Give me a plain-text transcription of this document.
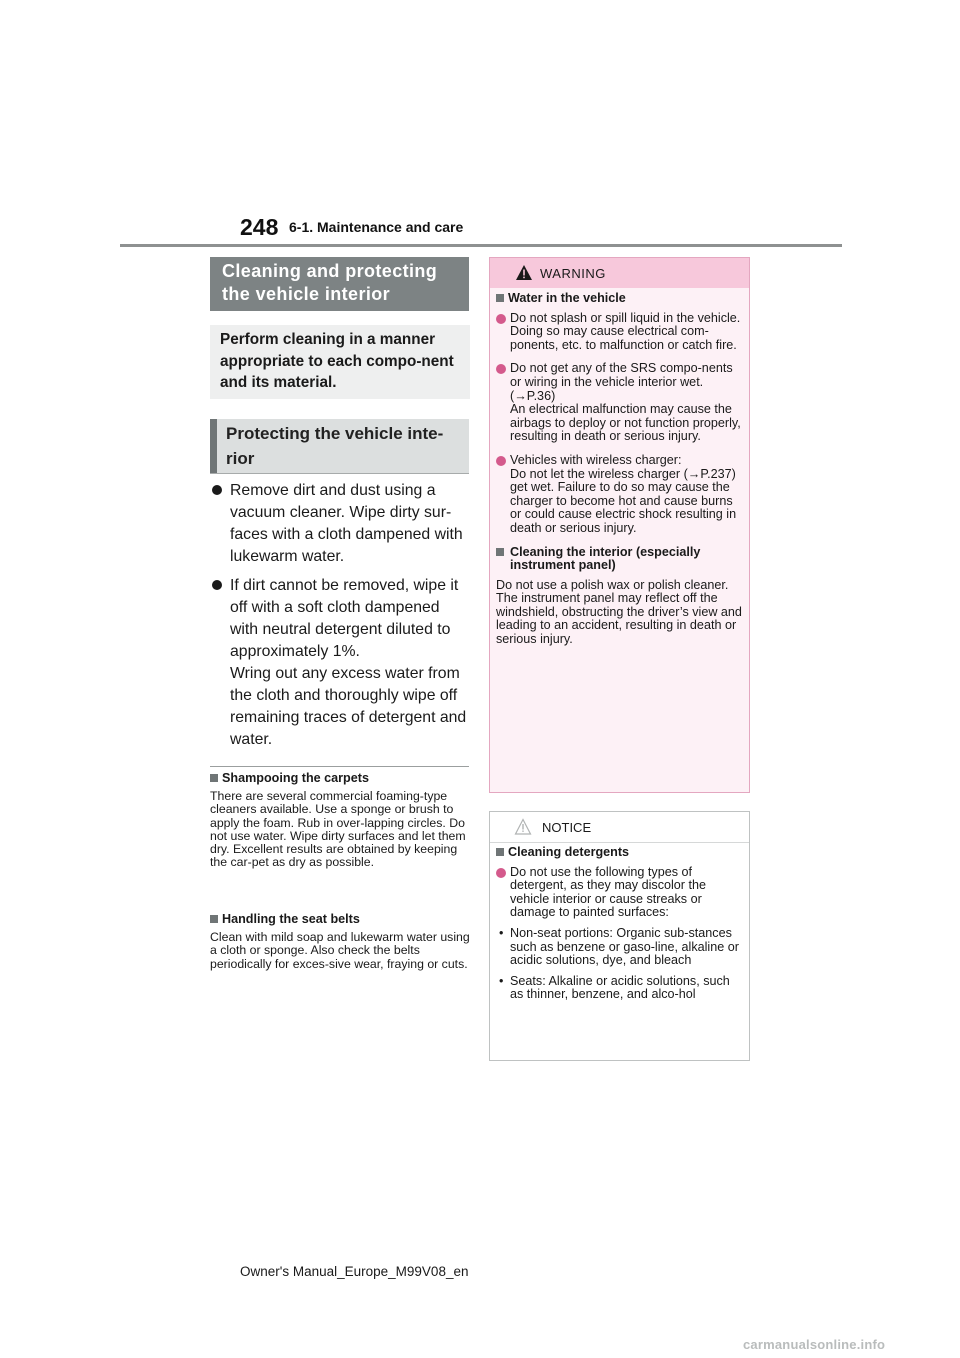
248 6-1. Maintenance and care
Cleaning and protecting the vehicle interior
Perform cleaning in a manner appropriate to each compo-nent and its material.
Protecting the vehicle inte-rior
Remove dirt and dust using a vacuum cleaner. Wipe dirty sur-faces with a cloth dampened with lukewarm water.
If dirt cannot be removed, wipe it off with a soft cloth dampened with neutral detergent diluted to approximately 1%.
Wring out any excess water from the cloth and thoroughly wipe off remaining traces of detergent and water.
Shampooing the carpets
There are several commercial foaming-type cleaners available. Use a sponge or brush to apply the foam. Rub in over-lapping circles. Do not use water. Wipe dirty surfaces and let them dry. Excellent results are obtained by keeping the car-pet as dry as possible.
Handling the seat belts
Clean with mild soap and lukewarm water using a cloth or sponge. Also check the belts periodically for exces-sive wear, fraying or cuts.
WARNING
Water in the vehicle
Do not splash or spill liquid in the vehicle.
Doing so may cause electrical com-ponents, etc. to malfunction or catch fire.
Do not get any of the SRS compo-nents or wiring in the vehicle interior wet. (→P.36)
An electrical malfunction may cause the airbags to deploy or not function properly, resulting in death or serious injury.
Vehicles with wireless charger:
Do not let the wireless charger (→P.237) get wet. Failure to do so may cause the charger to become hot and cause burns or could cause electric shock resulting in death or serious injury.
Cleaning the interior (especially instrument panel)
Do not use a polish wax or polish cleaner. The instrument panel may reflect off the windshield, obstructing the driver’s view and leading to an accident, resulting in death or serious injury.
NOTICE
Cleaning detergents
Do not use the following types of detergent, as they may discolor the vehicle interior or cause streaks or damage to painted surfaces:
• Non-seat portions: Organic sub-stances such as benzene or gaso-line, alkaline or acidic solutions, dye, and bleach
• Seats: Alkaline or acidic solutions, such as thinner, benzene, and alco-hol
Owner's Manual_Europe_M99V08_en
carmanualsonline.info
